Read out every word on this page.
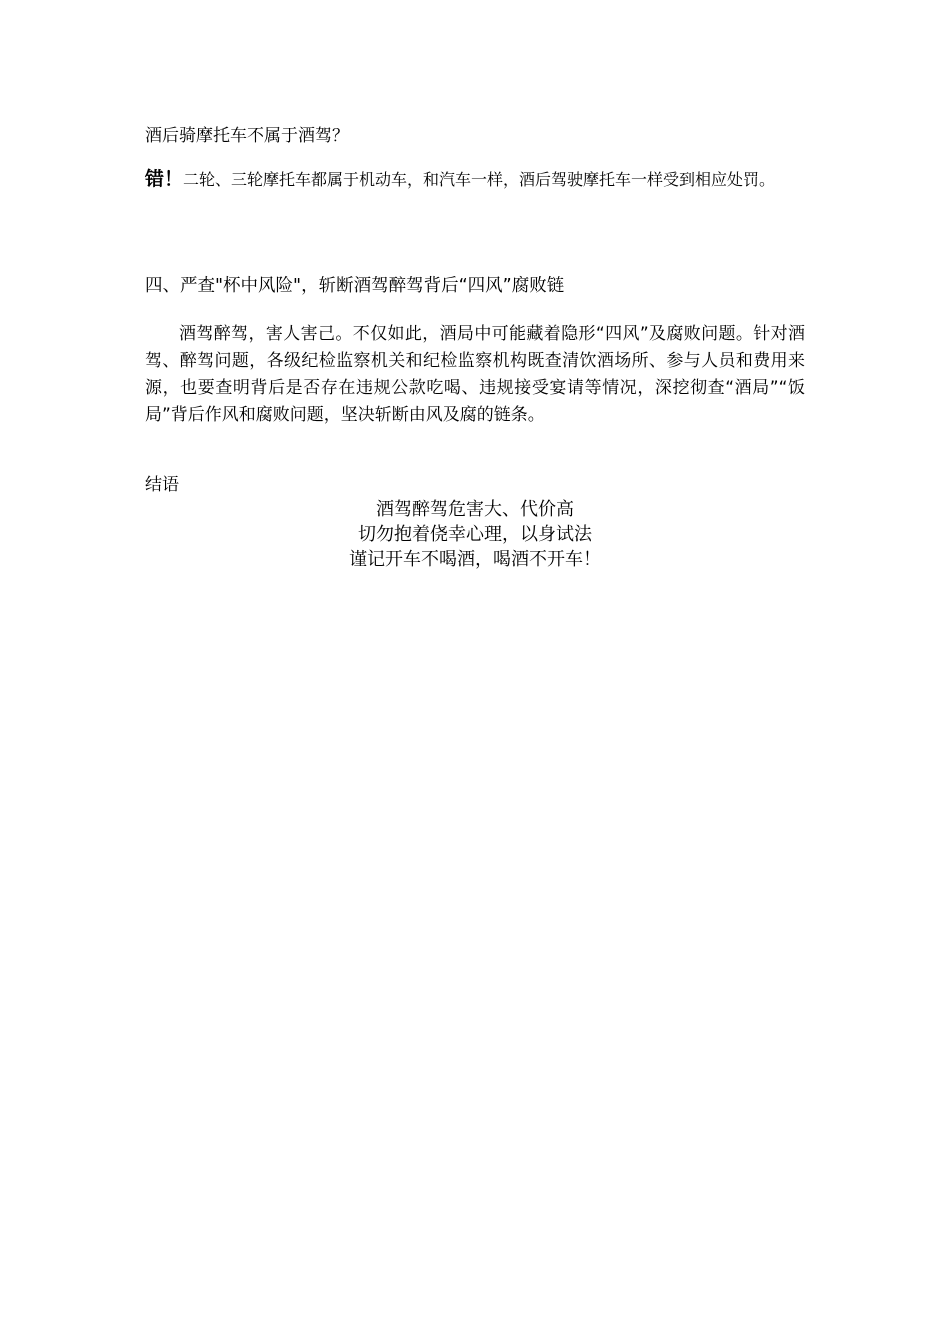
酒后骑摩托车不属于酒驾？
错！二轮、三轮摩托车都属于机动车，和汽车一样，酒后驾驶摩托车一样受到相应处罚。
四、严查"杯中风险"，斩断酒驾醉驾背后“四风”腐败链
酒驾醉驾，害人害己。不仅如此，酒局中可能藏着隐形“四风”及腐败问题。针对酒驾、醉驾问题，各级纪检监察机关和纪检监察机构既查清饮酒场所、参与人员和费用来源，也要查明背后是否存在违规公款吃喝、违规接受宴请等情况，深挖彻查“酒局”“饭局”背后作风和腐败问题，坚决斩断由风及腐的链条。
结语
酒驾醉驾危害大、代价高
切勿抱着侥幸心理，以身试法
谨记开车不喝酒，喝酒不开车！
